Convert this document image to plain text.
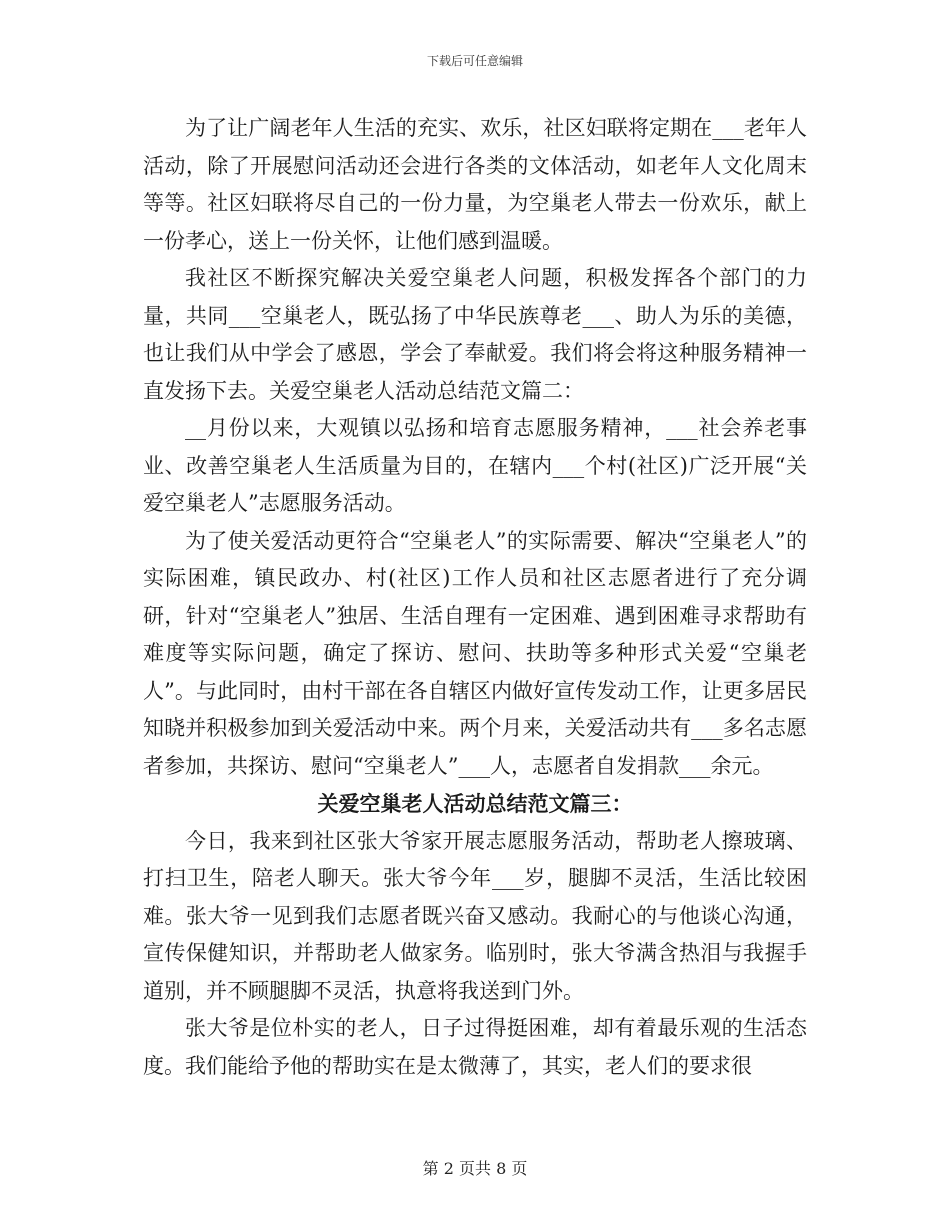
下载后可任意编辑

为了让广阔老年人生活的充实、欢乐，社区妇联将定期在___老年人活动，除了开展慰问活动还会进行各类的文体活动，如老年人文化周末等等。社区妇联将尽自己的一份力量，为空巢老人带去一份欢乐，献上一份孝心，送上一份关怀，让他们感到温暖。

我社区不断探究解决关爱空巢老人问题，积极发挥各个部门的力量，共同___空巢老人，既弘扬了中华民族尊老___、助人为乐的美德，也让我们从中学会了感恩，学会了奉献爱。我们将会将这种服务精神一直发扬下去。关爱空巢老人活动总结范文篇二：

__月份以来，大观镇以弘扬和培育志愿服务精神，___社会养老事业、改善空巢老人生活质量为目的，在辖内___个村(社区)广泛开展“关爱空巢老人”志愿服务活动。

为了使关爱活动更符合“空巢老人”的实际需要、解决“空巢老人”的实际困难，镇民政办、村(社区)工作人员和社区志愿者进行了充分调研，针对“空巢老人”独居、生活自理有一定困难、遇到困难寻求帮助有难度等实际问题，确定了探访、慰问、扶助等多种形式关爱“空巢老人”。与此同时，由村干部在各自辖区内做好宣传发动工作，让更多居民知晓并积极参加到关爱活动中来。两个月来，关爱活动共有___多名志愿者参加，共探访、慰问“空巢老人”___人，志愿者自发捐款___余元。

关爱空巢老人活动总结范文篇三：

今日，我来到社区张大爷家开展志愿服务活动，帮助老人擦玻璃、打扫卫生，陪老人聊天。张大爷今年___岁，腿脚不灵活，生活比较困难。张大爷一见到我们志愿者既兴奋又感动。我耐心的与他谈心沟通，宣传保健知识，并帮助老人做家务。临别时，张大爷满含热泪与我握手道别，并不顾腿脚不灵活，执意将我送到门外。

张大爷是位朴实的老人，日子过得挺困难，却有着最乐观的生活态度。我们能给予他的帮助实在是太微薄了，其实，老人们的要求很

第 2 页共 8 页
